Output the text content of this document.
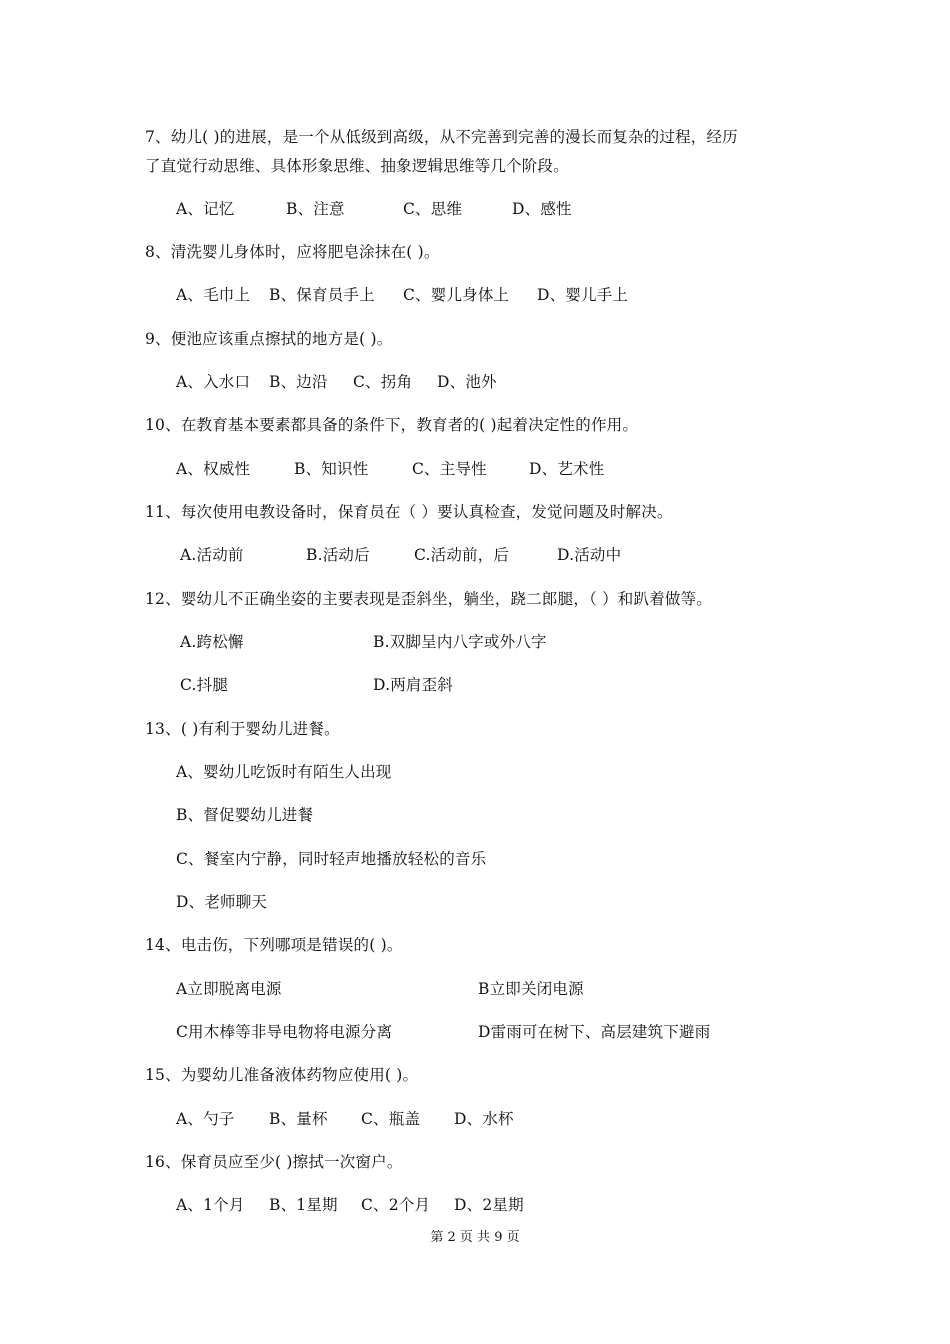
7、幼儿( )的进展，是一个从低级到高级，从不完善到完善的漫长而复杂的过程，经历
了直觉行动思维、具体形象思维、抽象逻辑思维等几个阶段。
A、记忆	B、注意	C、思维	D、感性
8、清洗婴儿身体时，应将肥皂涂抹在( )。
A、毛巾上 B、保育员手上 C、婴儿身体上 D、婴儿手上
9、便池应该重点擦拭的地方是( )。
A、入水口 B、边沿 C、拐角 D、池外
10、在教育基本要素都具备的条件下，教育者的( )起着决定性的作用。
A、权威性	B、知识性	C、主导性	D、艺术性
11、每次使用电教设备时，保育员在（ ）要认真检查，发觉问题及时解决。
A.活动前	B.活动后	C.活动前，后	D.活动中
12、婴幼儿不正确坐姿的主要表现是歪斜坐，躺坐，跷二郎腿，（ ）和趴着做等。
A.跨松懈	B.双脚呈内八字或外八字
C.抖腿	D.两肩歪斜
13、( )有利于婴幼儿进餐。
A、婴幼儿吃饭时有陌生人出现
B、督促婴幼儿进餐
C、餐室内宁静，同时轻声地播放轻松的音乐
D、老师聊天
14、电击伤，下列哪项是错误的( )。
A立即脱离电源	B立即关闭电源
C用木棒等非导电物将电源分离	D雷雨可在树下、高层建筑下避雨
15、为婴幼儿准备液体药物应使用( )。
A、勺子 B、量杯 C、瓶盖 D、水杯
16、保育员应至少( )擦拭一次窗户。
A、1个月 B、1星期 C、2个月 D、2星期
第 2 页 共 9 页
